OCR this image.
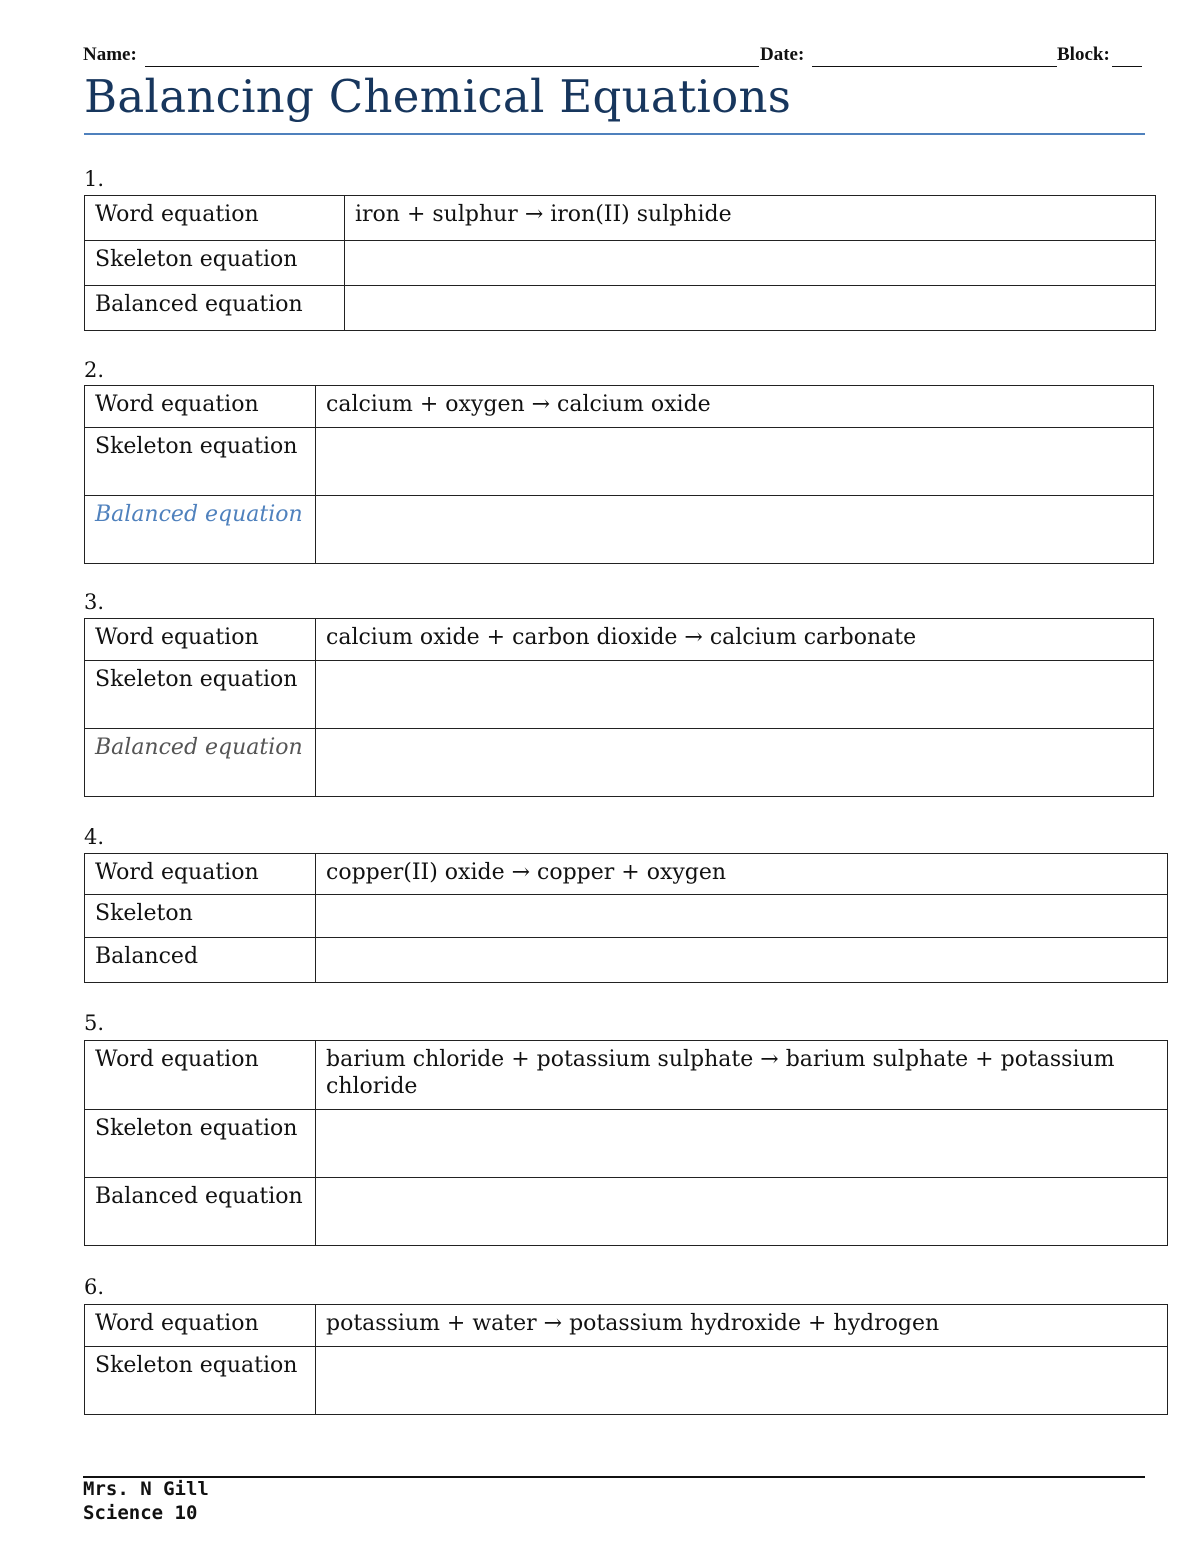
Name:	Date:	Block:
Balancing Chemical Equations
1.
Word equation	iron + sulphur → iron(II) sulphide
Skeleton equation	
Balanced equation	
2.
Word equation	calcium + oxygen → calcium oxide
Skeleton equation	
Balanced equation	
3.
Word equation	calcium oxide + carbon dioxide → calcium carbonate
Skeleton equation	
Balanced equation	
4.
Word equation	copper(II) oxide → copper + oxygen
Skeleton	
Balanced	
5.
Word equation	barium chloride + potassium sulphate → barium sulphate + potassium chloride
Skeleton equation	
Balanced equation	
6.
Word equation	potassium + water → potassium hydroxide + hydrogen
Skeleton equation	
Mrs. N Gill
Science 10
